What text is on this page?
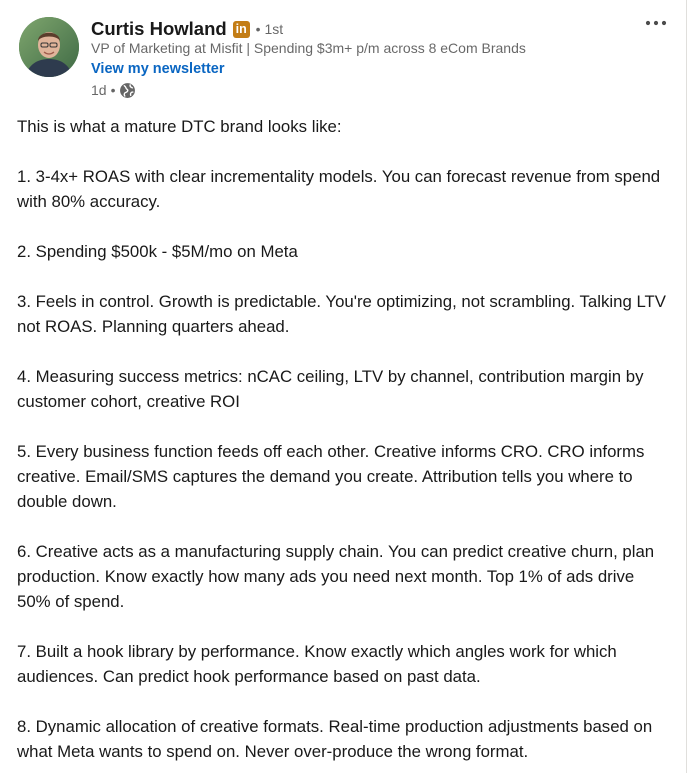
Curtis Howland in • 1st
VP of Marketing at Misfit | Spending $3m+ p/m across 8 eCom Brands
View my newsletter
1d •

This is what a mature DTC brand looks like:

1. 3-4x+ ROAS with clear incrementality models. You can forecast revenue from spend with 80% accuracy.

2. Spending $500k - $5M/mo on Meta

3. Feels in control. Growth is predictable. You're optimizing, not scrambling. Talking LTV not ROAS. Planning quarters ahead.

4. Measuring success metrics: nCAC ceiling, LTV by channel, contribution margin by customer cohort, creative ROI

5. Every business function feeds off each other. Creative informs CRO. CRO informs creative. Email/SMS captures the demand you create. Attribution tells you where to double down.

6. Creative acts as a manufacturing supply chain. You can predict creative churn, plan production. Know exactly how many ads you need next month. Top 1% of ads drive 50% of spend.

7. Built a hook library by performance. Know exactly which angles work for which audiences. Can predict hook performance based on past data.

8. Dynamic allocation of creative formats. Real-time production adjustments based on what Meta wants to spend on. Never over-produce the wrong format.
